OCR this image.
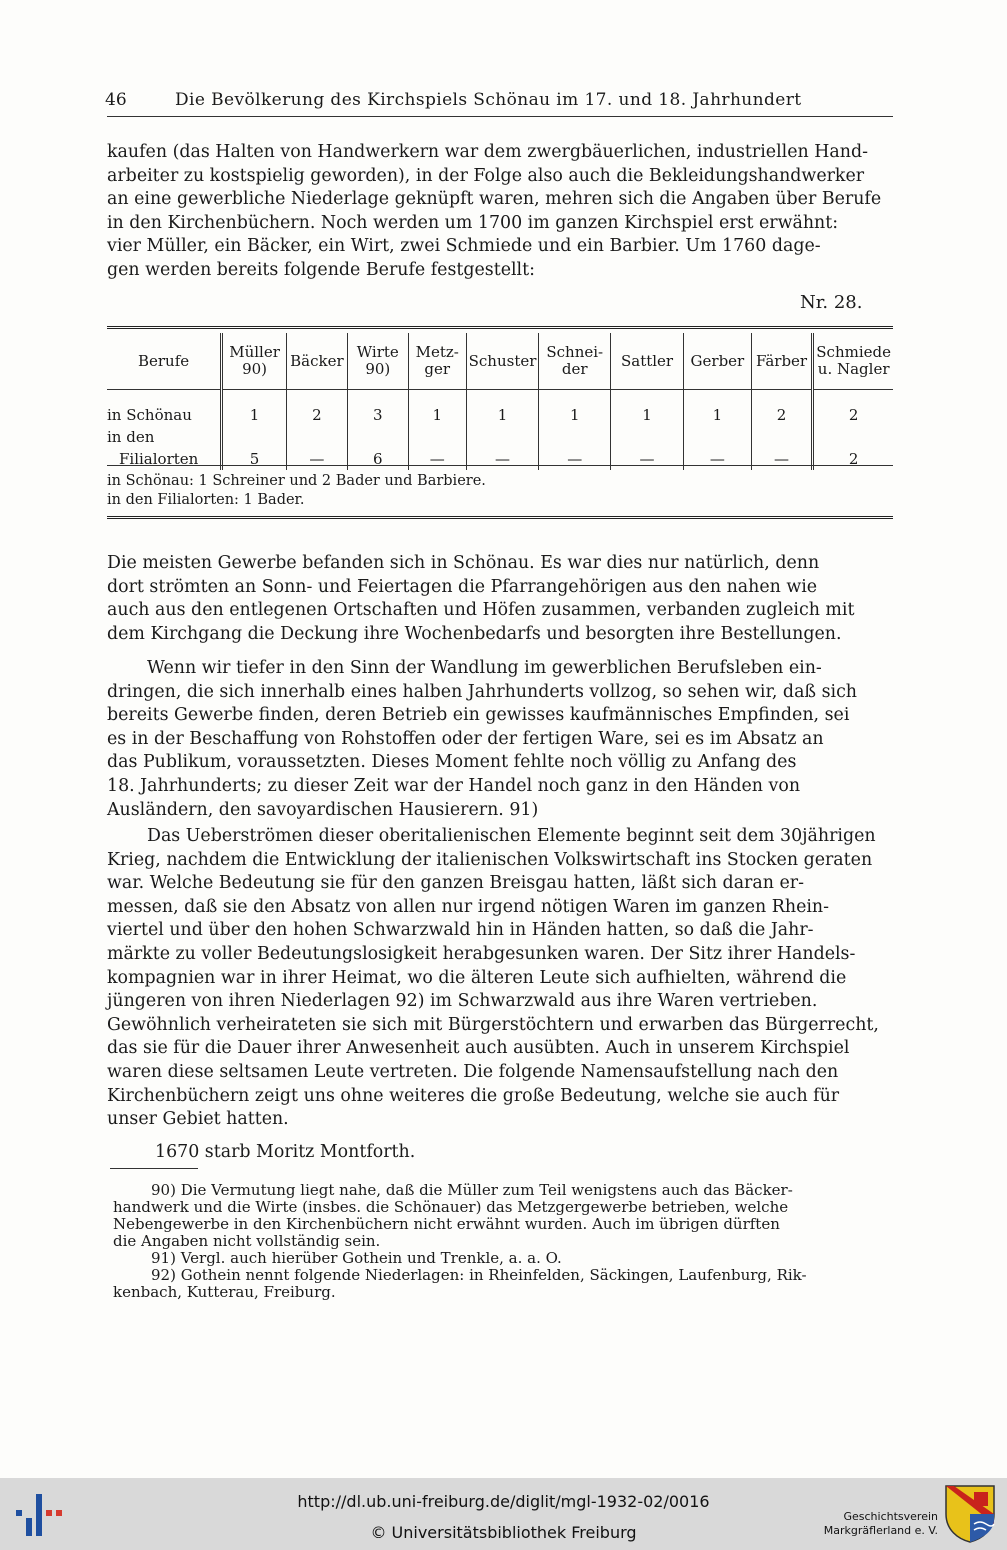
46	Die Bevölkerung des Kirchspiels Schönau im 17. und 18. Jahrhundert
kaufen (das Halten von Handwerkern war dem zwergbäuerlichen, industriellen Hand-
arbeiter zu kostspielig geworden), in der Folge also auch die Bekleidungshandwerker
an eine gewerbliche Niederlage geknüpft waren, mehren sich die Angaben über Berufe
in den Kirchenbüchern. Noch werden um 1700 im ganzen Kirchspiel erst erwähnt:
vier Müller, ein Bäcker, ein Wirt, zwei Schmiede und ein Barbier. Um 1760 dage-
gen werden bereits folgende Berufe festgestellt:
Nr. 28.
Berufe	Müller 90)	Bäcker	Wirte 90)	Metz- ger	Schuster	Schnei- der	Sattler	Gerber	Färber	Schmiede u. Nagler
in Schönau	1	2	3	1	1	1	1	1	2	2
in den										
Filialorten	5	—	6	—	—	—	—	—	—	2
in Schönau: 1 Schreiner und 2 Bader und Barbiere.
in den Filialorten: 1 Bader.
Die meisten Gewerbe befanden sich in Schönau. Es war dies nur natürlich, denn
dort strömten an Sonn- und Feiertagen die Pfarrangehörigen aus den nahen wie
auch aus den entlegenen Ortschaften und Höfen zusammen, verbanden zugleich mit
dem Kirchgang die Deckung ihre Wochenbedarfs und besorgten ihre Bestellungen.
Wenn wir tiefer in den Sinn der Wandlung im gewerblichen Berufsleben ein-
dringen, die sich innerhalb eines halben Jahrhunderts vollzog, so sehen wir, daß sich
bereits Gewerbe finden, deren Betrieb ein gewisses kaufmännisches Empfinden, sei
es in der Beschaffung von Rohstoffen oder der fertigen Ware, sei es im Absatz an
das Publikum, voraussetzten. Dieses Moment fehlte noch völlig zu Anfang des
18. Jahrhunderts; zu dieser Zeit war der Handel noch ganz in den Händen von
Ausländern, den savoyardischen Hausierern. 91)
Das Ueberströmen dieser oberitalienischen Elemente beginnt seit dem 30jährigen
Krieg, nachdem die Entwicklung der italienischen Volkswirtschaft ins Stocken geraten
war. Welche Bedeutung sie für den ganzen Breisgau hatten, läßt sich daran er-
messen, daß sie den Absatz von allen nur irgend nötigen Waren im ganzen Rhein-
viertel und über den hohen Schwarzwald hin in Händen hatten, so daß die Jahr-
märkte zu voller Bedeutungslosigkeit herabgesunken waren. Der Sitz ihrer Handels-
kompagnien war in ihrer Heimat, wo die älteren Leute sich aufhielten, während die
jüngeren von ihren Niederlagen 92) im Schwarzwald aus ihre Waren vertrieben.
Gewöhnlich verheirateten sie sich mit Bürgerstöchtern und erwarben das Bürgerrecht,
das sie für die Dauer ihrer Anwesenheit auch ausübten. Auch in unserem Kirchspiel
waren diese seltsamen Leute vertreten. Die folgende Namensaufstellung nach den
Kirchenbüchern zeigt uns ohne weiteres die große Bedeutung, welche sie auch für
unser Gebiet hatten.
1670 starb Moritz Montforth.
90) Die Vermutung liegt nahe, daß die Müller zum Teil wenigstens auch das Bäcker-
handwerk und die Wirte (insbes. die Schönauer) das Metzgergewerbe betrieben, welche
Nebengewerbe in den Kirchenbüchern nicht erwähnt wurden. Auch im übrigen dürften
die Angaben nicht vollständig sein.
91) Vergl. auch hierüber Gothein und Trenkle, a. a. O.
92) Gothein nennt folgende Niederlagen: in Rheinfelden, Säckingen, Laufenburg, Rik-
kenbach, Kutterau, Freiburg.
http://dl.ub.uni-freiburg.de/diglit/mgl-1932-02/0016
© Universitätsbibliothek Freiburg
Geschichtsverein
Markgräflerland e. V.
